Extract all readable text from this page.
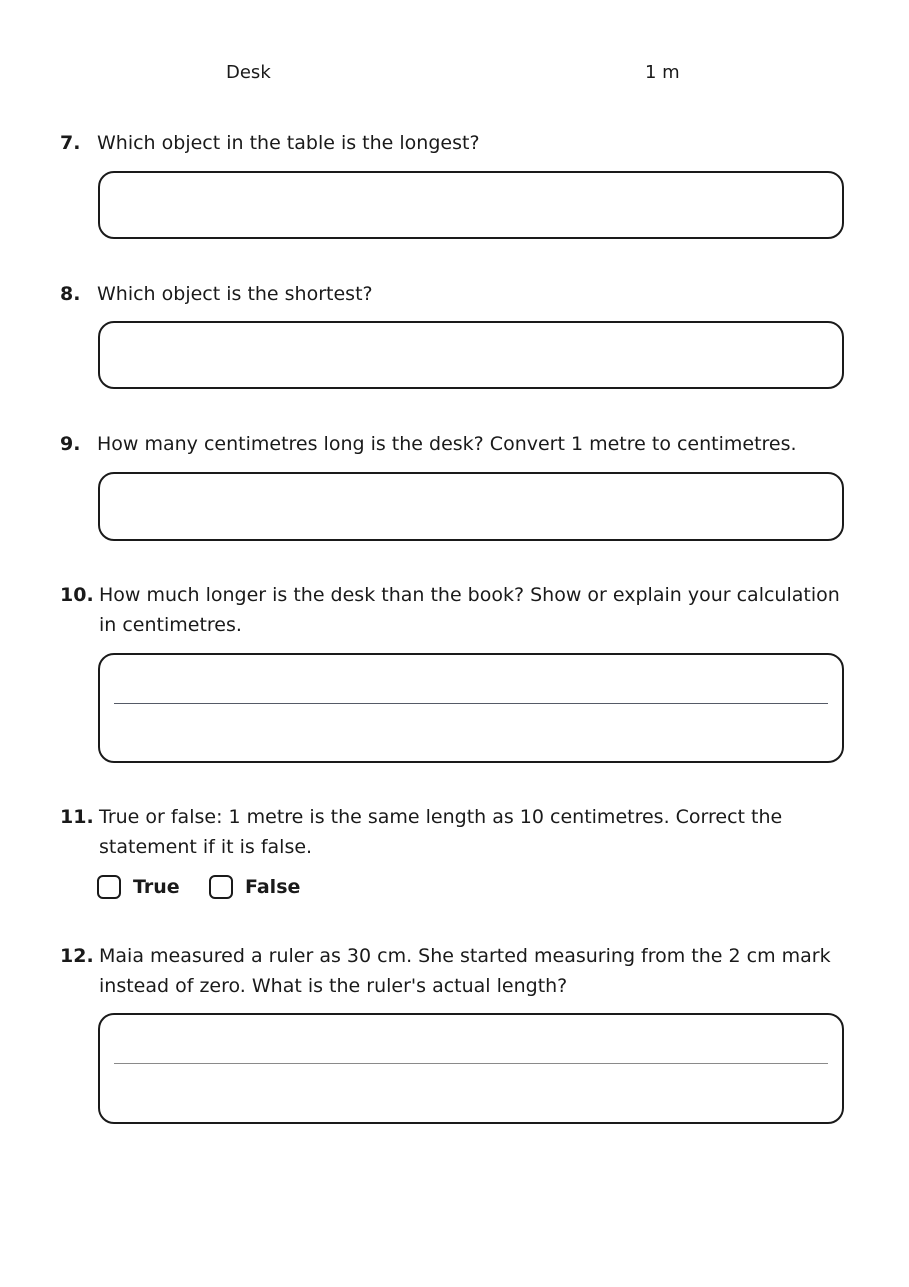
Desk	1 m
7. Which object in the table is the longest?
8. Which object is the shortest?
9. How many centimetres long is the desk? Convert 1 metre to centimetres.
10. How much longer is the desk than the book? Show or explain your calculation in centimetres.
11. True or false: 1 metre is the same length as 10 centimetres. Correct the statement if it is false.
True	False
12. Maia measured a ruler as 30 cm. She started measuring from the 2 cm mark instead of zero. What is the ruler's actual length?
